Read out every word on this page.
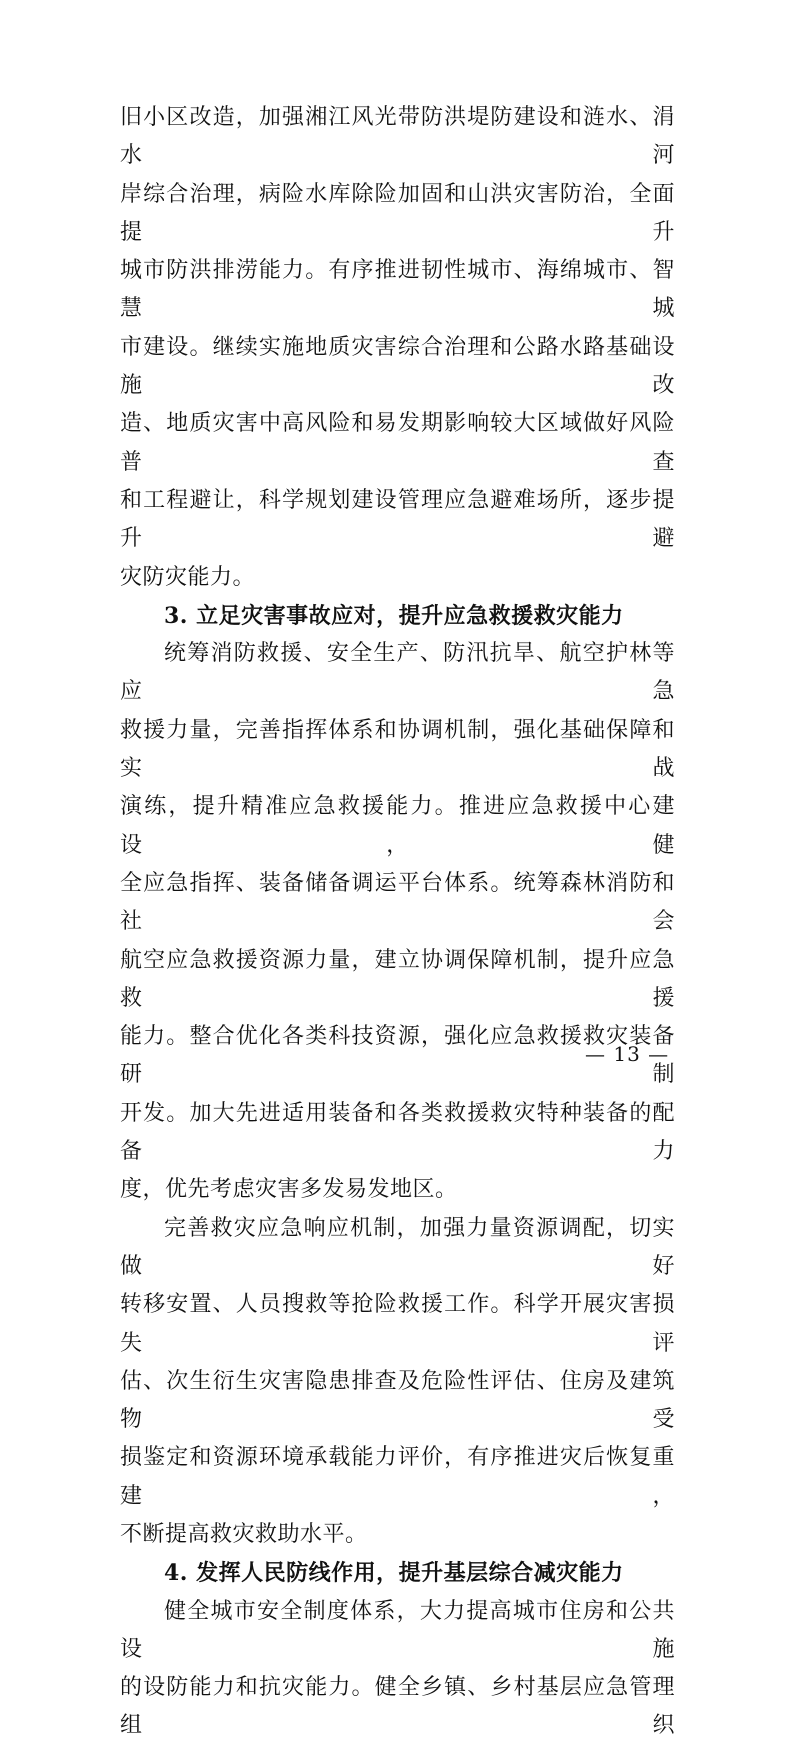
旧小区改造，加强湘江风光带防洪堤防建设和涟水、涓水河

岸综合治理，病险水库除险加固和山洪灾害防治，全面提升

城市防洪排涝能力。有序推进韧性城市、海绵城市、智慧城

市建设。继续实施地质灾害综合治理和公路水路基础设施改

造、地质灾害中高风险和易发期影响较大区域做好风险普查

和工程避让，科学规划建设管理应急避难场所，逐步提升避

灾防灾能力。

3. 立足灾害事故应对，提升应急救援救灾能力

统筹消防救援、安全生产、防汛抗旱、航空护林等应急

救援力量，完善指挥体系和协调机制，强化基础保障和实战

演练，提升精准应急救援能力。推进应急救援中心建设，健

全应急指挥、装备储备调运平台体系。统筹森林消防和社会

航空应急救援资源力量，建立协调保障机制，提升应急救援

能力。整合优化各类科技资源，强化应急救援救灾装备研制

开发。加大先进适用装备和各类救援救灾特种装备的配备力

度，优先考虑灾害多发易发地区。

完善救灾应急响应机制，加强力量资源调配，切实做好

转移安置、人员搜救等抢险救援工作。科学开展灾害损失评

估、次生衍生灾害隐患排查及危险性评估、住房及建筑物受

损鉴定和资源环境承载能力评价，有序推进灾后恢复重建，

不断提高救灾救助水平。

4. 发挥人民防线作用，提升基层综合减灾能力

健全城市安全制度体系，大力提高城市住房和公共设施

的设防能力和抗灾能力。健全乡镇、乡村基层应急管理组织

— 13 —
